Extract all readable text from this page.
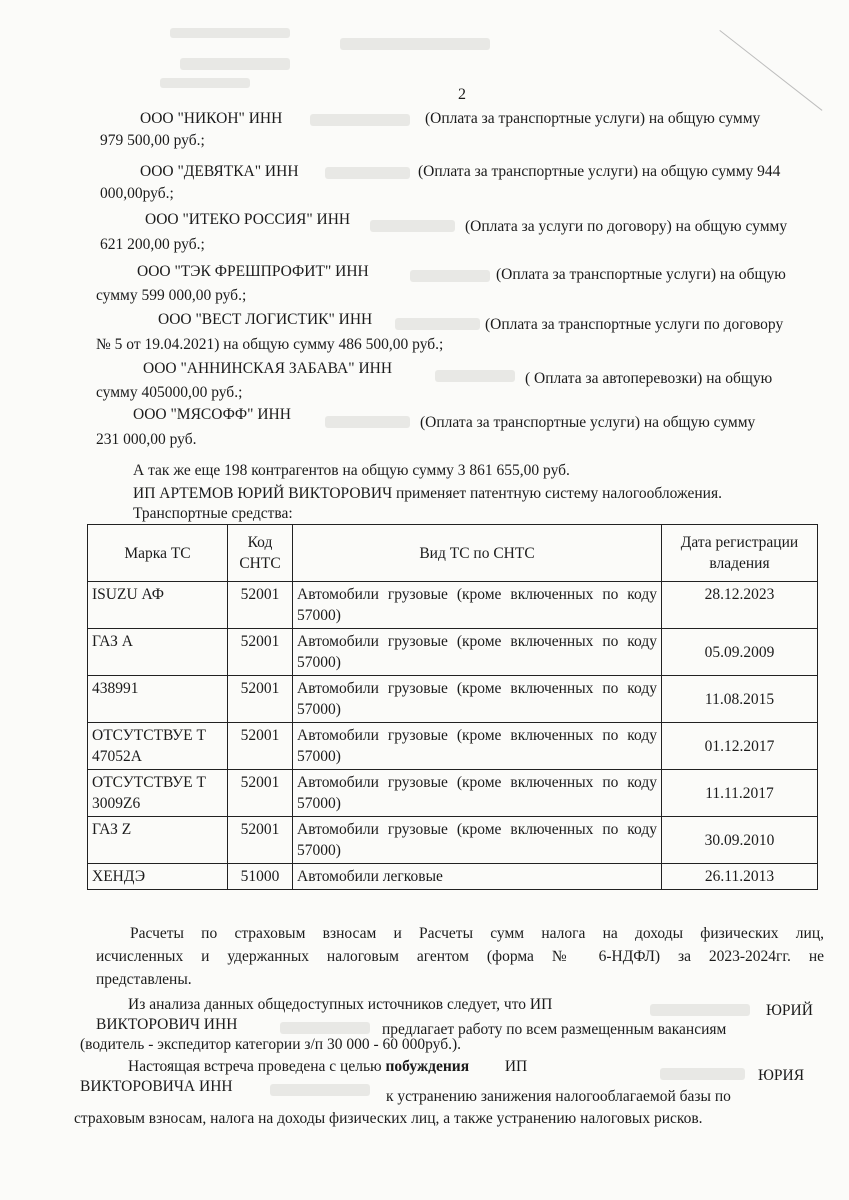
2
ООО "НИКОН" ИНН	(Оплата за транспортные услуги) на общую сумму
979 500,00 руб.;
ООО "ДЕВЯТКА" ИНН	(Оплата за транспортные услуги) на общую сумму 944
000,00руб.;
ООО "ИТЕКО РОССИЯ" ИНН	(Оплата за услуги по договору) на общую сумму
621 200,00 руб.;
ООО "ТЭК ФРЕШПРОФИТ" ИНН	(Оплата за транспортные услуги) на общую
сумму 599 000,00 руб.;
ООО "ВЕСТ ЛОГИСТИК" ИНН	(Оплата за транспортные услуги по договору
№ 5 от 19.04.2021) на общую сумму 486 500,00 руб.;
ООО "АННИНСКАЯ ЗАБАВА" ИНН
( Оплата за автоперевозки) на общую
сумму 405000,00 руб.;
ООО "МЯСОФФ" ИНН	(Оплата за транспортные услуги) на общую сумму
231 000,00 руб.
А так же еще 198 контрагентов на общую сумму 3 861 655,00 руб.
ИП АРТЕМОВ ЮРИЙ ВИКТОРОВИЧ применяет патентную систему налогообложения.
Транспортные средства:
Марка ТС	Код СНТС	Вид ТС по СНТС	Дата регистрации владения
ISUZU АФ	52001	Автомобили грузовые (кроме включенных по коду 57000)	28.12.2023
ГАЗ А	52001	Автомобили грузовые (кроме включенных по коду 57000)	05.09.2009
438991	52001	Автомобили грузовые (кроме включенных по коду 57000)	11.08.2015
ОТСУТСТВУЕ Т 47052А	52001	Автомобили грузовые (кроме включенных по коду 57000)	01.12.2017
ОТСУТСТВУЕ Т 3009Z6	52001	Автомобили грузовые (кроме включенных по коду 57000)	11.11.2017
ГАЗ Z	52001	Автомобили грузовые (кроме включенных по коду 57000)	30.09.2010
ХЕНДЭ	51000	Автомобили легковые	26.11.2013
Расчеты по страховым взносам и Расчеты сумм налога на доходы физических лиц,
исчисленных и удержанных налоговым агентом (форма № 6-НДФЛ) за 2023-2024гг. не
представлены.
Из анализа данных общедоступных источников следует, что ИП	ЮРИЙ
ВИКТОРОВИЧ ИНН	предлагает работу по всем размещенным вакансиям
(водитель - экспедитор категории з/п 30 000 - 60 000руб.).
Настоящая встреча проведена с целью побуждения ИП
ЮРИЯ
ВИКТОРОВИЧА ИНН
к устранению занижения налогооблагаемой базы по
страховым взносам, налога на доходы физических лиц, а также устранению налоговых рисков.
